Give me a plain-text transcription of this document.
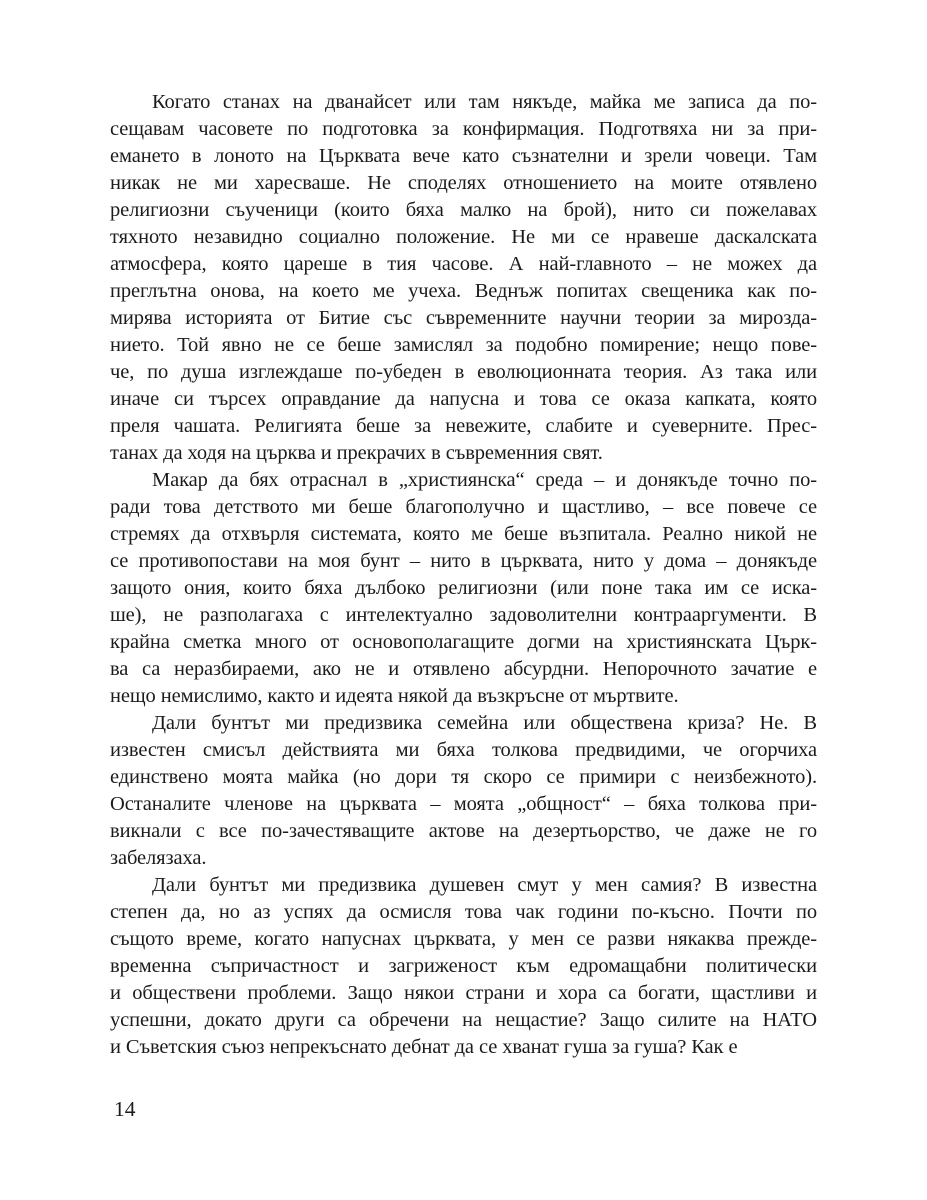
Когато станах на дванайсет или там някъде, майка ме записа да по-
сещавам часовете по подготовка за конфирмация. Подготвяха ни за при-
емането в лоното на Църквата вече като съзнателни и зрели човеци. Там
никак не ми харесваше. Не споделях отношението на моите отявлено
религиозни съученици (които бяха малко на брой), нито си пожелавах
тяхното незавидно социално положение. Не ми се нравеше даскалската
атмосфера, която цареше в тия часове. А най-главното – не можех да
преглътна онова, на което ме учеха. Веднъж попитах свещеника как по-
мирява историята от Битие със съвременните научни теории за мирозда-
нието. Той явно не се беше замислял за подобно помирение; нещо пове-
че, по душа изглеждаше по-убеден в еволюционната теория. Аз така или
иначе си търсех оправдание да напусна и това се оказа капката, която
преля чашата. Религията беше за невежите, слабите и суеверните. Прес-
танах да ходя на църква и прекрачих в съвременния свят.
Макар да бях отраснал в „християнска“ среда – и донякъде точно по-
ради това детството ми беше благополучно и щастливо, – все повече се
стремях да отхвърля системата, която ме беше възпитала. Реално никой не
се противопостави на моя бунт – нито в църквата, нито у дома – донякъде
защото ония, които бяха дълбоко религиозни (или поне така им се иска-
ше), не разполагаха с интелектуално задоволителни контрааргументи. В
крайна сметка много от основополагащите догми на християнската Църк-
ва са неразбираеми, ако не и отявлено абсурдни. Непорочното зачатие е
нещо немислимо, както и идеята някой да възкръсне от мъртвите.
Дали бунтът ми предизвика семейна или обществена криза? Не. В
известен смисъл действията ми бяха толкова предвидими, че огорчиха
единствено моята майка (но дори тя скоро се примири с неизбежното).
Останалите членове на църквата – моята „общност“ – бяха толкова при-
викнали с все по-зачестяващите актове на дезертьорство, че даже не го
забелязаха.
Дали бунтът ми предизвика душевен смут у мен самия? В известна
степен да, но аз успях да осмисля това чак години по-късно. Почти по
същото време, когато напуснах църквата, у мен се разви някаква прежде-
временна съпричастност и загриженост към едромащабни политически
и обществени проблеми. Защо някои страни и хора са богати, щастливи и
успешни, докато други са обречени на нещастие? Защо силите на НАТО
и Съветския съюз непрекъснато дебнат да се хванат гуша за гуша? Как е
14
